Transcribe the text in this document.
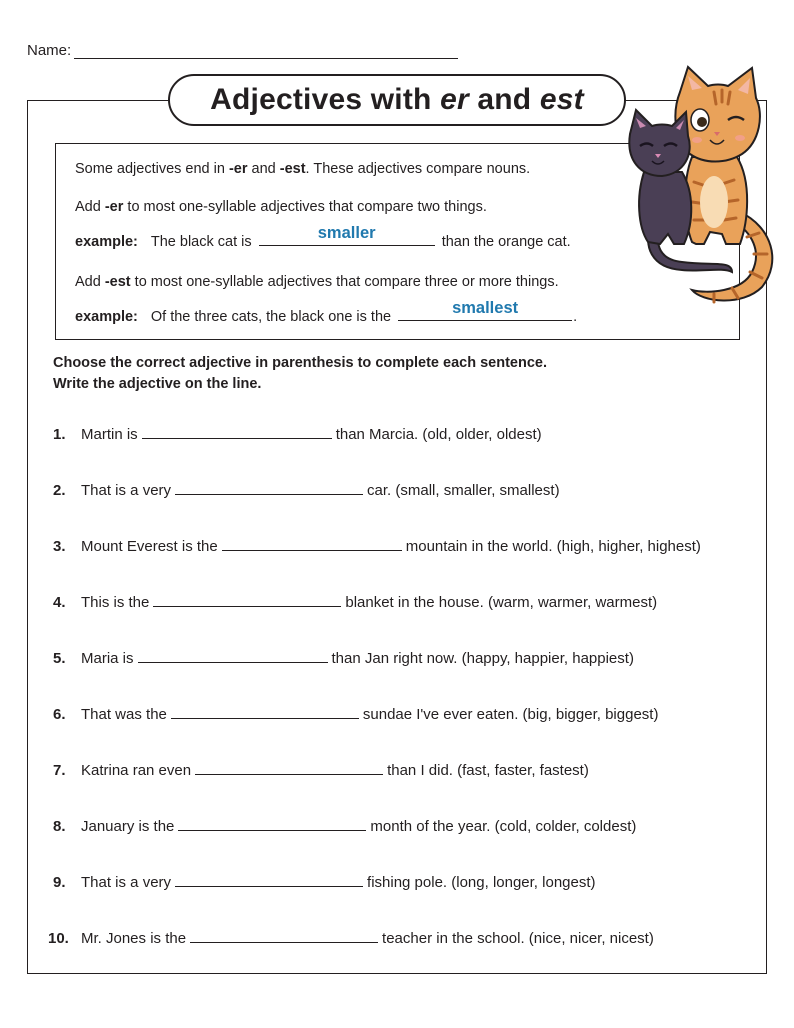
Name:
Adjectives with er and est
Some adjectives end in -er and -est. These adjectives compare nouns.
Add -er to most one-syllable adjectives that compare two things.
example: The black cat is	smaller	than the orange cat.
Add -est to most one-syllable adjectives that compare three or more things.
example: Of the three cats, the black one is the	smallest	.
Choose the correct adjective in parenthesis to complete each sentence.
Write the adjective on the line.
1. Martin is	than Marcia. (old, older, oldest)
2. That is a very	car. (small, smaller, smallest)
3. Mount Everest is the	mountain in the world. (high, higher, highest)
4. This is the	blanket in the house. (warm, warmer, warmest)
5. Maria is	than Jan right now. (happy, happier, happiest)
6. That was the	sundae I've ever eaten. (big, bigger, biggest)
7. Katrina ran even	than I did. (fast, faster, fastest)
8. January is the	month of the year. (cold, colder, coldest)
9. That is a very	fishing pole. (long, longer, longest)
10. Mr. Jones is the	teacher in the school. (nice, nicer, nicest)
